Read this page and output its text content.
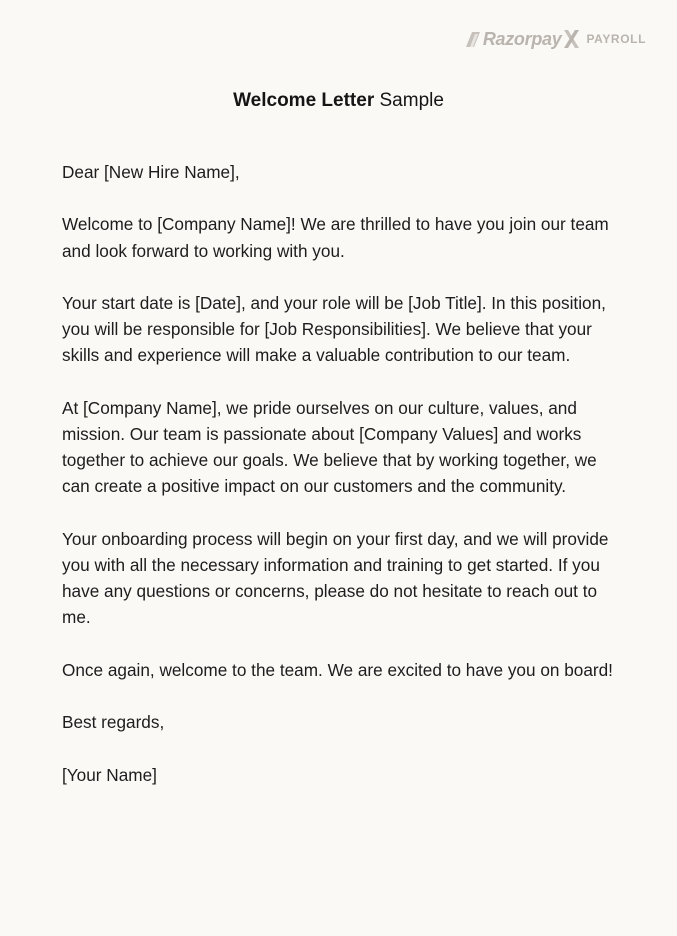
Razorpay PAYROLL
Welcome Letter Sample

Dear [New Hire Name],

Welcome to [Company Name]! We are thrilled to have you join our team and look forward to working with you.

Your start date is [Date], and your role will be [Job Title]. In this position, you will be responsible for [Job Responsibilities]. We believe that your skills and experience will make a valuable contribution to our team.

At [Company Name], we pride ourselves on our culture, values, and mission. Our team is passionate about [Company Values] and works together to achieve our goals. We believe that by working together, we can create a positive impact on our customers and the community.

Your onboarding process will begin on your first day, and we will provide you with all the necessary information and training to get started. If you have any questions or concerns, please do not hesitate to reach out to me.

Once again, welcome to the team. We are excited to have you on board!

Best regards,

[Your Name]
